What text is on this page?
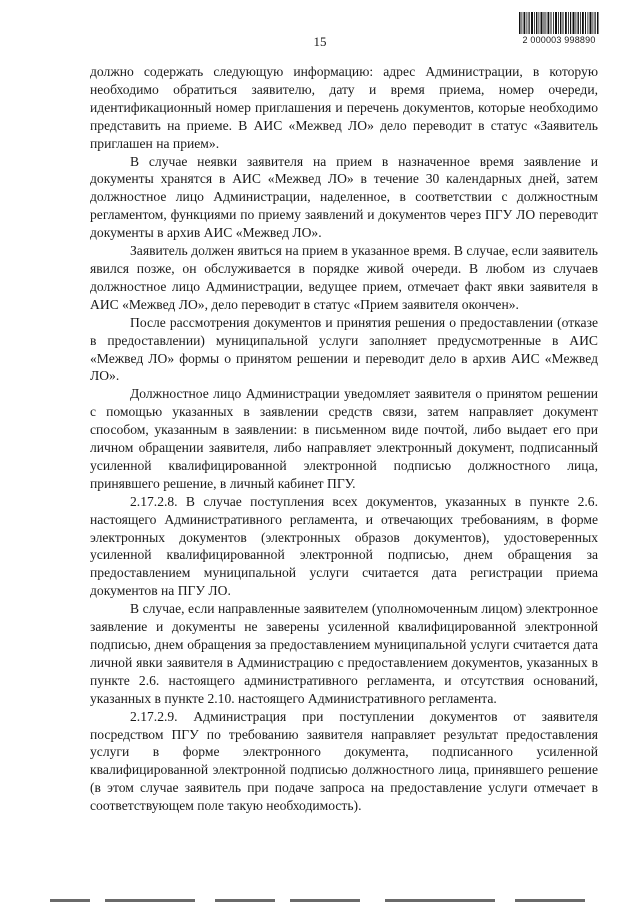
15	2 000003 998890

должно содержать следующую информацию: адрес Администрации, в которую необходимо обратиться заявителю, дату и время приема, номер очереди, идентификационный номер приглашения и перечень документов, которые необходимо представить на приеме. В АИС «Межвед ЛО» дело переводит в статус «Заявитель приглашен на прием».

В случае неявки заявителя на прием в назначенное время заявление и документы хранятся в АИС «Межвед ЛО» в течение 30 календарных дней, затем должностное лицо Администрации, наделенное, в соответствии с должностным регламентом, функциями по приему заявлений и документов через ПГУ ЛО переводит документы в архив АИС «Межвед ЛО».

Заявитель должен явиться на прием в указанное время. В случае, если заявитель явился позже, он обслуживается в порядке живой очереди. В любом из случаев должностное лицо Администрации, ведущее прием, отмечает факт явки заявителя в АИС «Межвед ЛО», дело переводит в статус «Прием заявителя окончен».

После рассмотрения документов и принятия решения о предоставлении (отказе в предоставлении) муниципальной услуги заполняет предусмотренные в АИС «Межвед ЛО» формы о принятом решении и переводит дело в архив АИС «Межвед ЛО».

Должностное лицо Администрации уведомляет заявителя о принятом решении с помощью указанных в заявлении средств связи, затем направляет документ способом, указанным в заявлении: в письменном виде почтой, либо выдает его при личном обращении заявителя, либо направляет электронный документ, подписанный усиленной квалифицированной электронной подписью должностного лица, принявшего решение, в личный кабинет ПГУ.

2.17.2.8. В случае поступления всех документов, указанных в пункте 2.6. настоящего Административного регламента, и отвечающих требованиям, в форме электронных документов (электронных образов документов), удостоверенных усиленной квалифицированной электронной подписью, днем обращения за предоставлением муниципальной услуги считается дата регистрации приема документов на ПГУ ЛО.

В случае, если направленные заявителем (уполномоченным лицом) электронное заявление и документы не заверены усиленной квалифицированной электронной подписью, днем обращения за предоставлением муниципальной услуги считается дата личной явки заявителя в Администрацию с предоставлением документов, указанных в пункте 2.6. настоящего административного регламента, и отсутствия оснований, указанных в пункте 2.10. настоящего Административного регламента.

2.17.2.9. Администрация при поступлении документов от заявителя посредством ПГУ по требованию заявителя направляет результат предоставления услуги в форме электронного документа, подписанного усиленной квалифицированной электронной подписью должностного лица, принявшего решение (в этом случае заявитель при подаче запроса на предоставление услуги отмечает в соответствующем поле такую необходимость).
